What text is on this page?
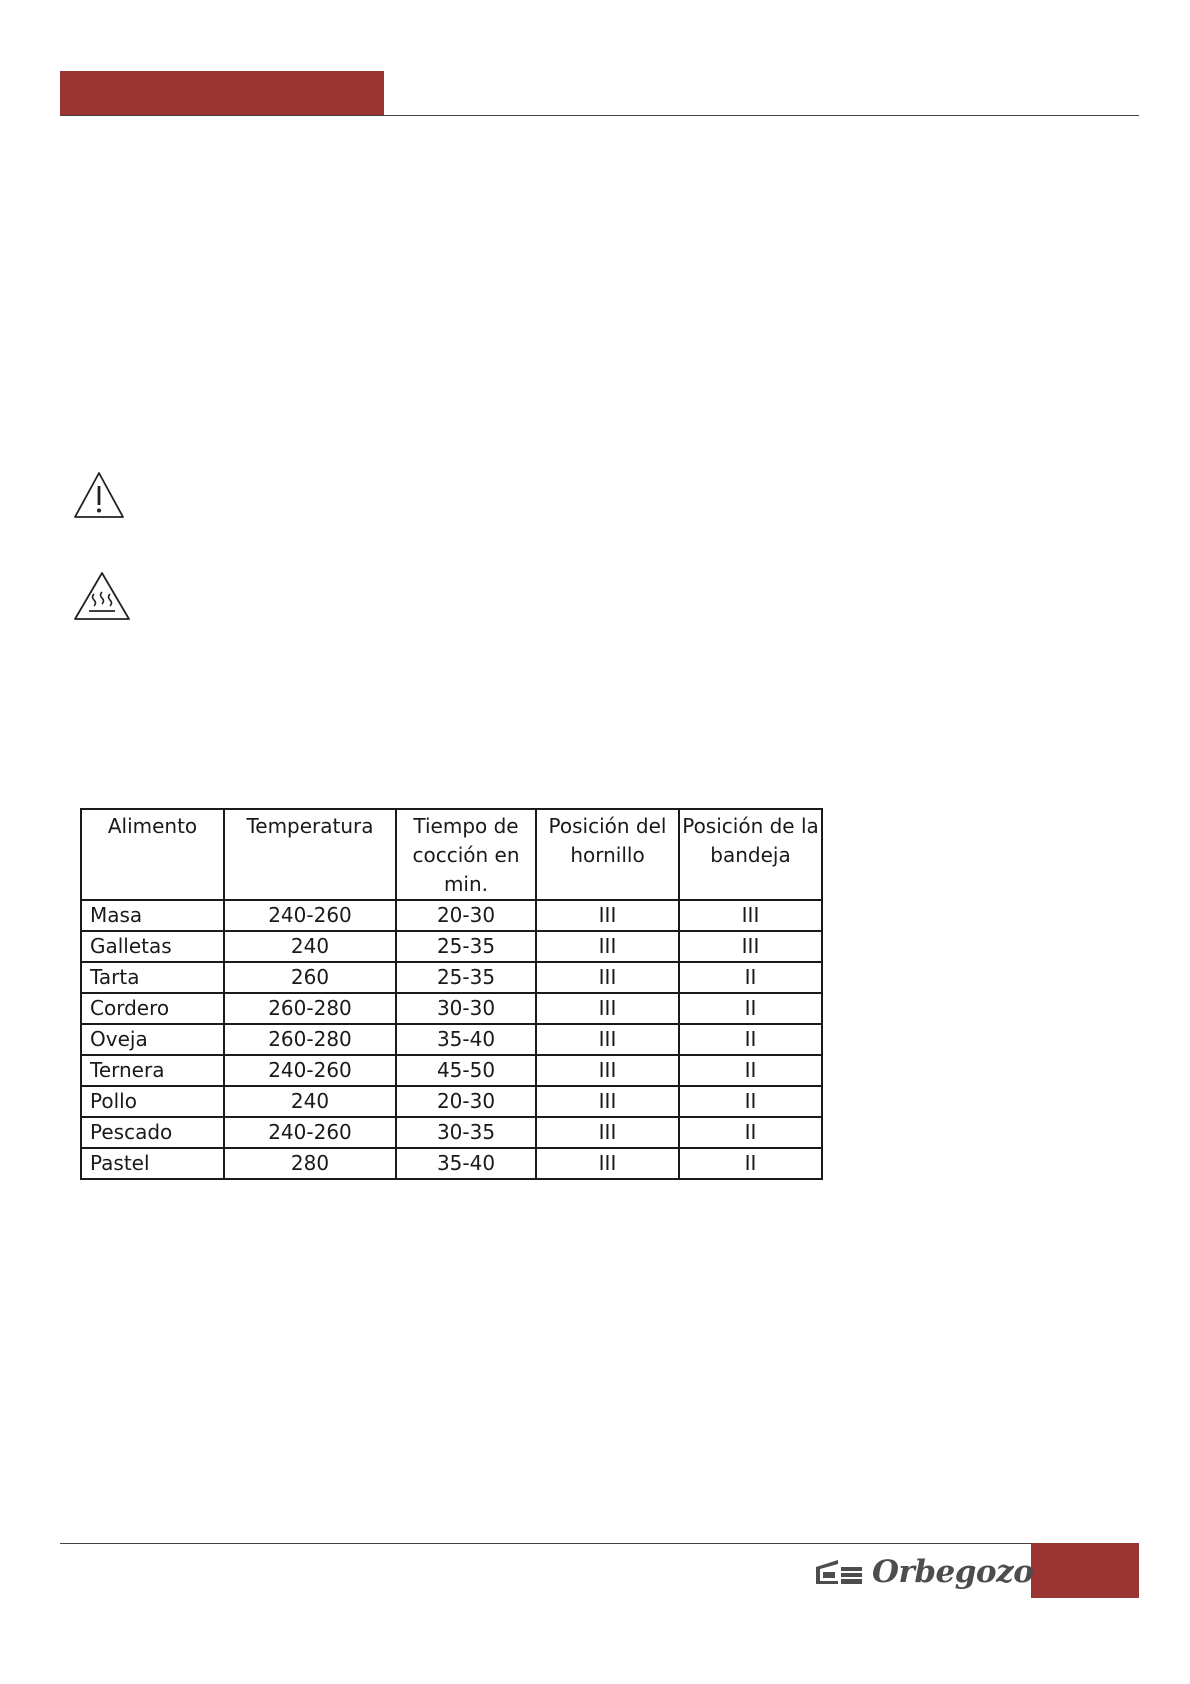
Alimento	Temperatura	Tiempo de cocción en min.	Posición del hornillo	Posición de la bandeja
Masa	240-260	20-30	III	III
Galletas	240	25-35	III	III
Tarta	260	25-35	III	II
Cordero	260-280	30-30	III	II
Oveja	260-280	35-40	III	II
Ternera	240-260	45-50	III	II
Pollo	240	20-30	III	II
Pescado	240-260	30-35	III	II
Pastel	280	35-40	III	II
Orbegozo
